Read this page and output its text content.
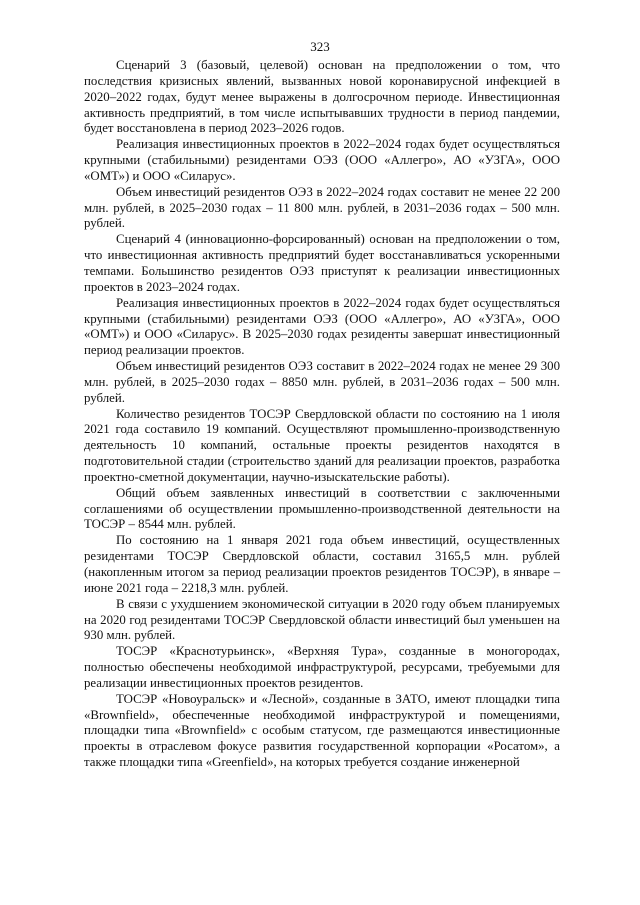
323

Сценарий 3 (базовый, целевой) основан на предположении о том, что последствия кризисных явлений, вызванных новой коронавирусной инфекцией в 2020–2022 годах, будут менее выражены в долгосрочном периоде. Инвестиционная активность предприятий, в том числе испытывавших трудности в период пандемии, будет восстановлена в период 2023–2026 годов.

Реализация инвестиционных проектов в 2022–2024 годах будет осуществляться крупными (стабильными) резидентами ОЭЗ (ООО «Аллегро», АО «УЗГА», ООО «ОМТ») и ООО «Силарус».

Объем инвестиций резидентов ОЭЗ в 2022–2024 годах составит не менее 22 200 млн. рублей, в 2025–2030 годах – 11 800 млн. рублей, в 2031–2036 годах – 500 млн. рублей.

Сценарий 4 (инновационно-форсированный) основан на предположении о том, что инвестиционная активность предприятий будет восстанавливаться ускоренными темпами. Большинство резидентов ОЭЗ приступят к реализации инвестиционных проектов в 2023–2024 годах.

Реализация инвестиционных проектов в 2022–2024 годах будет осуществляться крупными (стабильными) резидентами ОЭЗ (ООО «Аллегро», АО «УЗГА», ООО «ОМТ») и ООО «Силарус». В 2025–2030 годах резиденты завершат инвестиционный период реализации проектов.

Объем инвестиций резидентов ОЭЗ составит в 2022–2024 годах не менее 29 300 млн. рублей, в 2025–2030 годах – 8850 млн. рублей, в 2031–2036 годах – 500 млн. рублей.

Количество резидентов ТОСЭР Свердловской области по состоянию на 1 июля 2021 года составило 19 компаний. Осуществляют промышленно-производственную деятельность 10 компаний, остальные проекты резидентов находятся в подготовительной стадии (строительство зданий для реализации проектов, разработка проектно-сметной документации, научно-изыскательские работы).

Общий объем заявленных инвестиций в соответствии с заключенными соглашениями об осуществлении промышленно-производственной деятельности на ТОСЭР – 8544 млн. рублей.

По состоянию на 1 января 2021 года объем инвестиций, осуществленных резидентами ТОСЭР Свердловской области, составил 3165,5 млн. рублей (накопленным итогом за период реализации проектов резидентов ТОСЭР), в январе – июне 2021 года – 2218,3 млн. рублей.

В связи с ухудшением экономической ситуации в 2020 году объем планируемых на 2020 год резидентами ТОСЭР Свердловской области инвестиций был уменьшен на 930 млн. рублей.

ТОСЭР «Краснотурьинск», «Верхняя Тура», созданные в моногородах, полностью обеспечены необходимой инфраструктурой, ресурсами, требуемыми для реализации инвестиционных проектов резидентов.

ТОСЭР «Новоуральск» и «Лесной», созданные в ЗАТО, имеют площадки типа «Brownfield», обеспеченные необходимой инфраструктурой и помещениями, площадки типа «Brownfield» с особым статусом, где размещаются инвестиционные проекты в отраслевом фокусе развития государственной корпорации «Росатом», а также площадки типа «Greenfield», на которых требуется создание инженерной
